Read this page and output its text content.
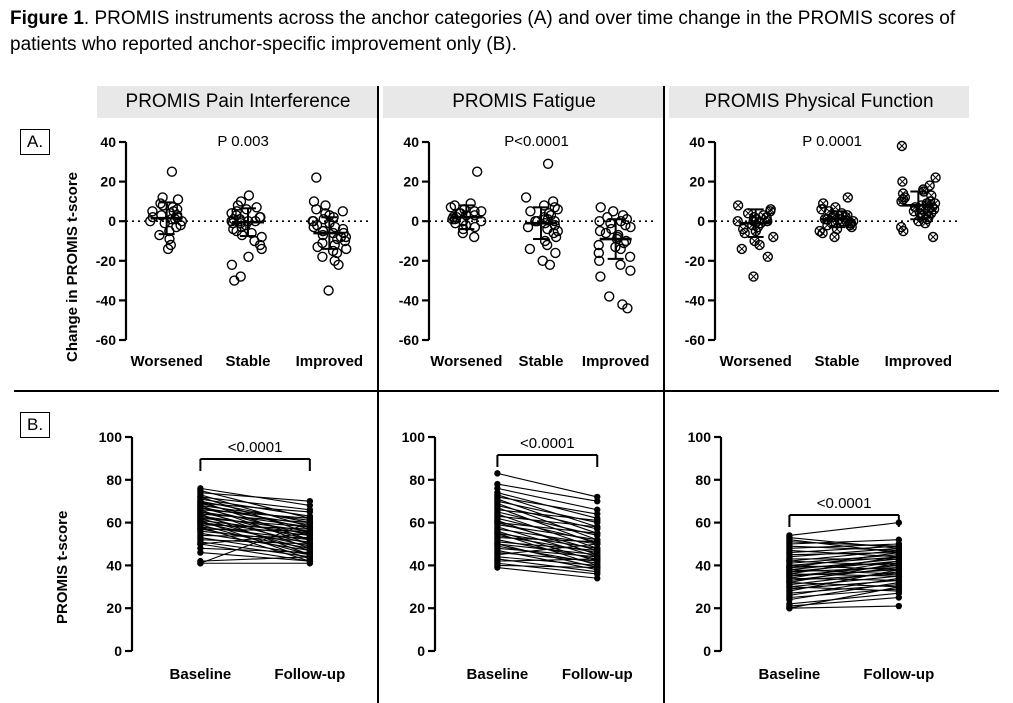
Figure 1. PROMIS instruments across the anchor categories (A) and over time change in the PROMIS scores of patients who reported anchor-specific improvement only (B).
PROMIS Pain Interference	PROMIS Fatigue	PROMIS Physical Function
A.
B.
Change in PROMIS t-score
PROMIS t-score
40
20
0
-20
-40
-60
P 0.003
Worsened Stable Improved
40
20
0
-20
-40
-60
P<0.0001
Worsened Stable Improved
40
20
0
-20
-40
-60
P 0.0001
Worsened Stable Improved
0
20
40
60
80
100
<0.0001
Baseline	Follow-up
0
20
40
60
80
100	<0.0001
Baseline Follow-up
0
20
40
60
80
100
<0.0001
Baseline	Follow-up
